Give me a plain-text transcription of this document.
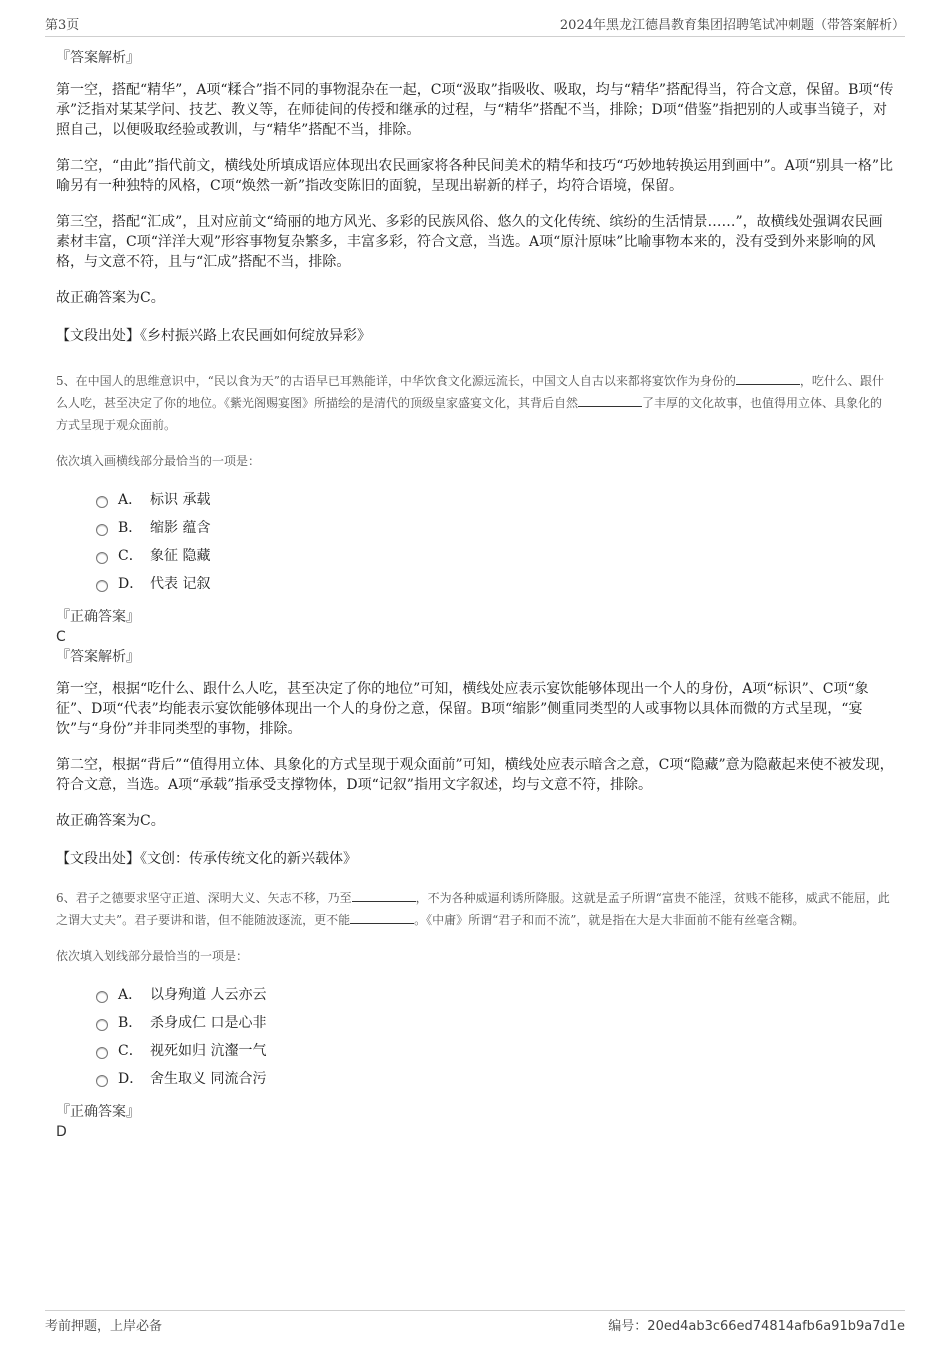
第3页	2024年黑龙江德昌教育集团招聘笔试冲刺题（带答案解析）
『答案解析』

第一空，搭配“精华”，A项“糅合”指不同的事物混杂在一起，C项“汲取”指吸收、吸取，均与“精华”搭配得当，符合文意，保留。B项“传承”泛指对某某学问、技艺、教义等，在师徒间的传授和继承的过程，与“精华”搭配不当，排除；D项“借鉴”指把别的人或事当镜子，对照自己，以便吸取经验或教训，与“精华”搭配不当，排除。

第二空，“由此”指代前文，横线处所填成语应体现出农民画家将各种民间美术的精华和技巧“巧妙地转换运用到画中”。A项“别具一格”比喻另有一种独特的风格，C项“焕然一新”指改变陈旧的面貌，呈现出崭新的样子，均符合语境，保留。

第三空，搭配“汇成”，且对应前文“绮丽的地方风光、多彩的民族风俗、悠久的文化传统、缤纷的生活情景……”，故横线处强调农民画素材丰富，C项“洋洋大观”形容事物复杂繁多，丰富多彩，符合文意，当选。A项“原汁原味”比喻事物本来的，没有受到外来影响的风格，与文意不符，且与“汇成”搭配不当，排除。

故正确答案为C。

【文段出处】《乡村振兴路上农民画如何绽放异彩》
5、在中国人的思维意识中，“民以食为天”的古语早已耳熟能详，中华饮食文化源远流长，中国文人自古以来都将宴饮作为身份的	，吃什么、跟什么人吃，甚至决定了你的地位。《紫光阁赐宴图》所描绘的是清代的顶级皇家盛宴文化，其背后自然	了丰厚的文化故事，也值得用立体、具象化的方式呈现于观众面前。
依次填入画横线部分最恰当的一项是：
A． 标识 承载
B． 缩影 蕴含
C． 象征 隐藏
D． 代表 记叙
『正确答案』
C
『答案解析』

第一空，根据“吃什么、跟什么人吃，甚至决定了你的地位”可知，横线处应表示宴饮能够体现出一个人的身份，A项“标识”、C项“象征”、D项“代表”均能表示宴饮能够体现出一个人的身份之意，保留。B项“缩影”侧重同类型的人或事物以具体而微的方式呈现，“宴饮”与“身份”并非同类型的事物，排除。

第二空，根据“背后”“值得用立体、具象化的方式呈现于观众面前”可知，横线处应表示暗含之意，C项“隐藏”意为隐蔽起来使不被发现，符合文意，当选。A项“承载”指承受支撑物体，D项“记叙”指用文字叙述，均与文意不符，排除。

故正确答案为C。

【文段出处】《文创：传承传统文化的新兴载体》
6、君子之德要求坚守正道、深明大义、矢志不移，乃至	，不为各种威逼利诱所降服。这就是孟子所谓“富贵不能淫，贫贱不能移，威武不能屈，此之谓大丈夫”。君子要讲和谐，但不能随波逐流，更不能	。《中庸》所谓“君子和而不流”，就是指在大是大非面前不能有丝毫含糊。
依次填入划线部分最恰当的一项是：
A． 以身殉道 人云亦云
B． 杀身成仁 口是心非
C． 视死如归 沆瀣一气
D． 舍生取义 同流合污
『正确答案』
D
考前押题，上岸必备	编号：20ed4ab3c66ed74814afb6a91b9a7d1e
